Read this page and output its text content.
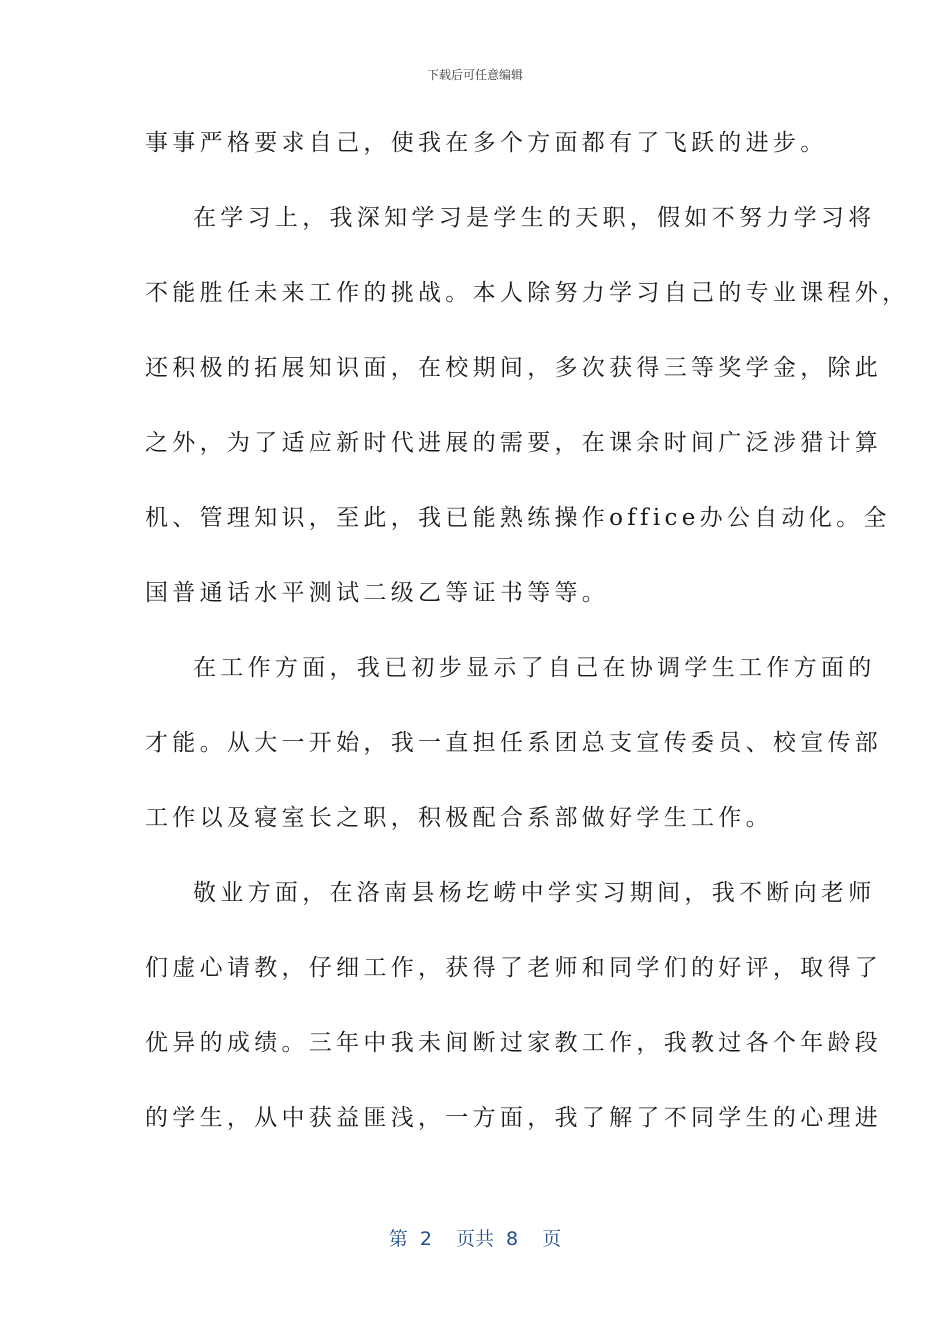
下载后可任意编辑
事事严格要求自己，使我在多个方面都有了飞跃的进步。
在学习上，我深知学习是学生的天职，假如不努力学习将
不能胜任未来工作的挑战。本人除努力学习自己的专业课程外，
还积极的拓展知识面，在校期间，多次获得三等奖学金，除此
之外，为了适应新时代进展的需要，在课余时间广泛涉猎计算
机、管理知识，至此，我已能熟练操作office办公自动化。全
国普通话水平测试二级乙等证书等等。
在工作方面，我已初步显示了自己在协调学生工作方面的
才能。从大一开始，我一直担任系团总支宣传委员、校宣传部
工作以及寝室长之职，积极配合系部做好学生工作。
敬业方面，在洛南县杨圪崂中学实习期间，我不断向老师
们虚心请教，仔细工作，获得了老师和同学们的好评，取得了
优异的成绩。三年中我未间断过家教工作，我教过各个年龄段
的学生，从中获益匪浅，一方面，我了解了不同学生的心理进
第 2  页共 8  页
